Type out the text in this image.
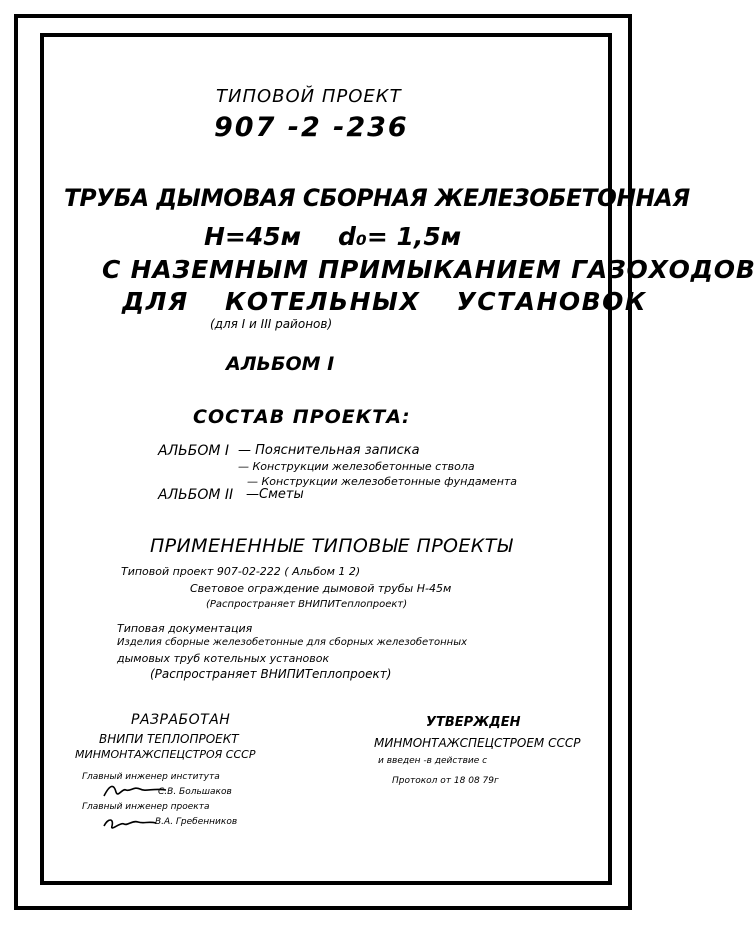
ТИПОВОЙ ПРОЕКТ
907 -2 -236
ТРУБА ДЫМОВАЯ СБОРНАЯ ЖЕЛЕЗОБЕТОННАЯ
Н=45м d₀= 1,5м
С НАЗЕМНЫМ ПРИМЫКАНИЕМ ГАЗОХОДОВ
ДЛЯ КОТЕЛЬНЫХ УСТАНОВОК
(для I и III районов)
АЛЬБОМ I
СОСТАВ ПРОЕКТА:
АЛЬБОМ I — Пояснительная записка
— Конструкции железобетонные ствола
— Конструкции железобетонные фундамента
АЛЬБОМ II —Сметы
ПРИМЕНЕННЫЕ ТИПОВЫЕ ПРОЕКТЫ
Типовой проект 907-02-222 ( Альбом 1 2)
Световое ограждение дымовой трубы Н-45м
(Распространяет ВНИПИТеплопроект)
Типовая документация
Изделия сборные железобетонные для сборных железобетонных
дымовых труб котельных установок
(Распространяет ВНИПИТеплопроект)
РАЗРАБОТАН
ВНИПИ ТЕПЛОПРОЕКТ
МИНМОНТАЖСПЕЦСТРОЯ СССР
Главный инженер института
С.В. Большаков
Главный инженер проекта
В.А. Гребенников
УТВЕРЖДЕН
МИНМОНТАЖСПЕЦСТРОЕМ СССР
и введен -в действие с
Протокол от 18 08 79г
